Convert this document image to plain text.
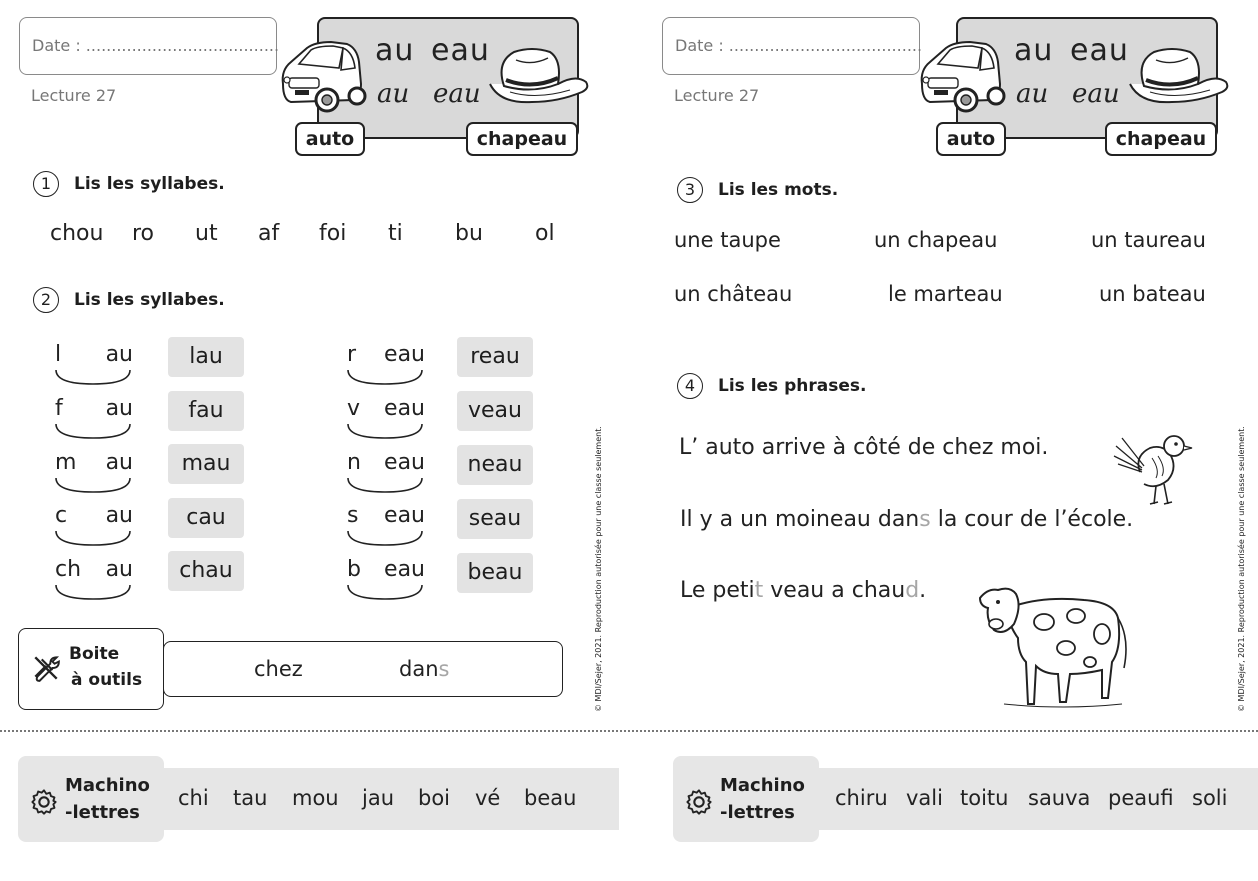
Date : ......................................
Lecture 27
au eau
au eau
auto	chapeau
1	Lis les syllabes.
chou ro ut af foi ti bu ol
2	Lis les syllabes.
l au	lau
f au	fau
m au	mau
c au	cau
ch au	chau
r eau	reau
v eau	veau
n eau	neau
s eau	seau
b eau	beau
chez	dans
Boite
à outils	© MDI/Sejer, 2021. Reproduction autorisée pour une classe seulement.
Date : ......................................
Lecture 27
au eau
au eau
auto	chapeau
3	Lis les mots.
une taupe	un chapeau	un taureau
un château	le marteau	un bateau
4	Lis les phrases.
L’ auto arrive à côté de chez moi.
Il y a un moineau dans la cour de l’école.
Le petit veau a chaud.	© MDI/Sejer, 2021. Reproduction autorisée pour une classe seulement.
chi tau mou jau boi vé beau
Machino
-lettres
chiru vali toitu sauva peaufi soli
Machino
-lettres
